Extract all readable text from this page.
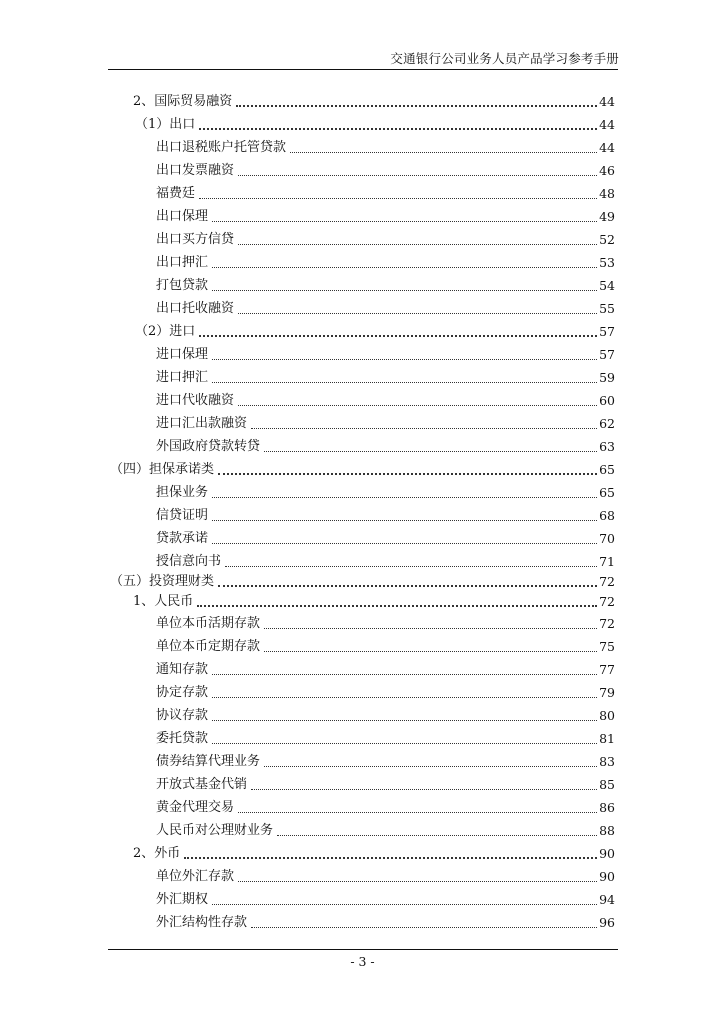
交通银行公司业务人员产品学习参考手册
2、国际贸易融资	44
（1）出口	44
出口退税账户托管贷款	44
出口发票融资	46
福费廷	48
出口保理	49
出口买方信贷	52
出口押汇	53
打包贷款	54
出口托收融资	55
（2）进口	57
进口保理	57
进口押汇	59
进口代收融资	60
进口汇出款融资	62
外国政府贷款转贷	63
（四）担保承诺类	65
担保业务	65
信贷证明	68
贷款承诺	70
授信意向书	71
（五）投资理财类	72
1、人民币	72
单位本币活期存款	72
单位本币定期存款	75
通知存款	77
协定存款	79
协议存款	80
委托贷款	81
债券结算代理业务	83
开放式基金代销	85
黄金代理交易	86
人民币对公理财业务	88
2、外币	90
单位外汇存款	90
外汇期权	94
外汇结构性存款	96
- 3 -
